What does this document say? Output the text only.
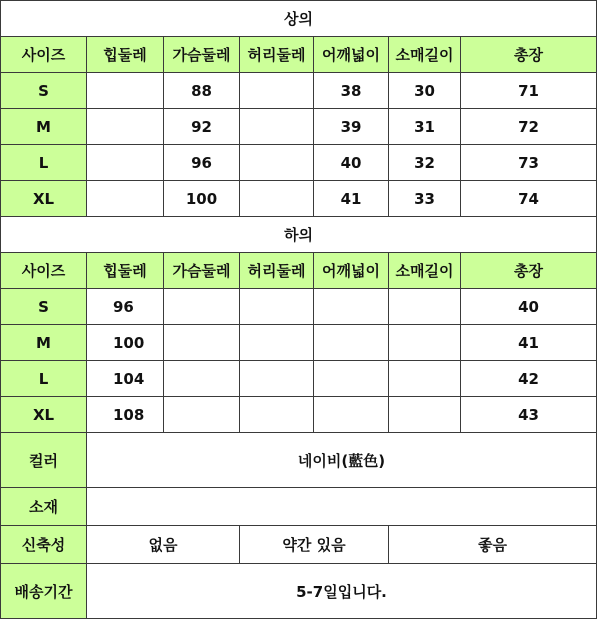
상의						
사이즈	힙둘레	가슴둘레	허리둘레	어깨넓이	소매길이	총장
S		88		38	30	71
M		92		39	31	72
L		96		40	32	73
XL		100		41	33	74
하의						
사이즈	힙둘레	가슴둘레	허리둘레	어깨넓이	소매길이	총장
S	96					40
M	100					41
L	104					42
XL	108					43
컬러	네이비(藍色)					
소재						
신축성	없음		약간 있음		좋음	
배송기간	5-7일입니다.					
